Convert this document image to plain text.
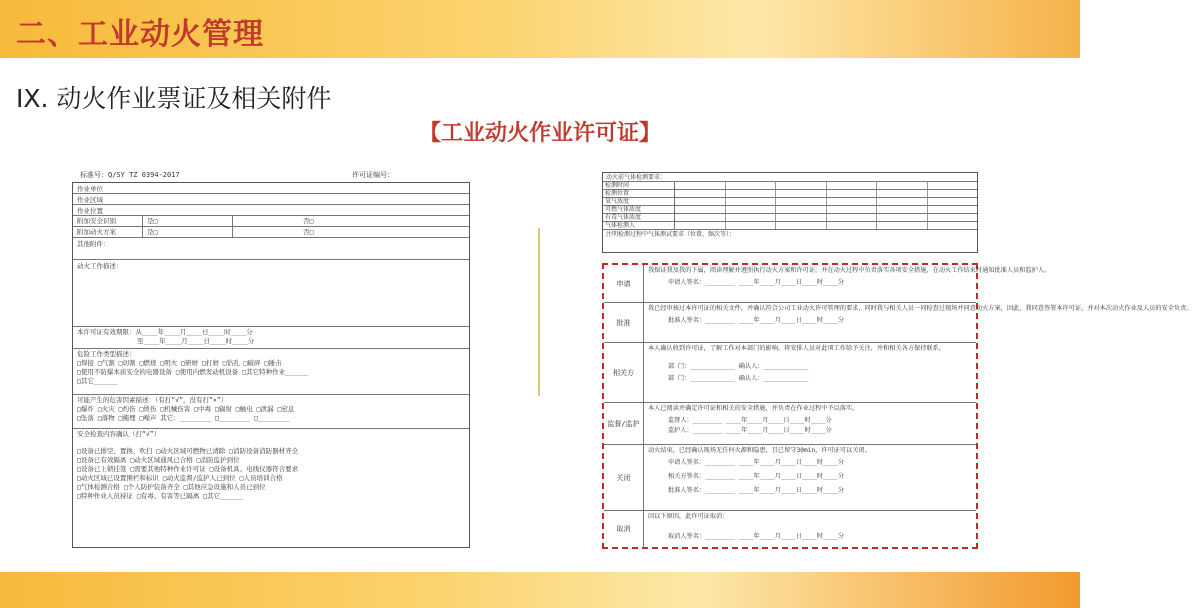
二、工业动火管理
IX. 动火作业票证及相关附件
【工业动火作业许可证】
标准号：Q/SY TZ 0394-2017	许可证编号：
作业单位
作业区域
作业位置
附加安全识别	是□	否□
附加动火方案	是□	否□
其他附件：
动火工作描述：
本许可证有效期限：从____年____月____日____时____分
至____年____月____日____时____分
危险工作类型描述：
□焊接 □气割 □切割 □燃烧 □明火 □研磨 □打磨 □钻孔 □破碎 □锤击
□使用不防爆本质安全的电器设备 □使用内燃发动机设备 □其它特种作业______
□其它______
可能产生的危害因素描述：（有打“√”，没有打“×”）
□爆炸 □火灾 □灼伤 □烫伤 □机械伤害 □中毒 □辐射 □触电 □泄漏 □窒息
□坠落 □落物 □掩埋 □噪声 其它：________ □________ □________
安全检查内容确认（打“√”）
□设备已排空、置换、吹扫 □动火区域可燃物已清除 □消防设备消防器材齐全
□设备已有效隔离 □动火区域通风已合格 □消防监护到位
□设备已上锁挂签 □需要其他特种作业许可证 □设备机具、电线仪器符合要求
□动火区域已设置围栏和标识 □动火监督/监护人已到位 □人员培训合格
□气体检测合格 □个人防护装备齐全 □其他应急设施和人员已到位
□特种作业人员持证 □有毒、有害等已隔离 □其它______
动火前气体检测要求：
检测时间
检测位置
氧气浓度
可燃气体浓度
有毒气体浓度
气体检测人
注明检测过程中气体测试要求（位置、频次等）：
申请
我保证我及我的下属，阅读理解并遵照执行动火方案和许可证，并在动火过程中负责落实各项安全措施，在动火工作结束时通知批准人员和监护人。
申请人签名：________ ____年____月____日____时____分
批准
我已经审核过本许可证的相关文件，并确认符合公司工业动火许可管理的要求，同时我与相关人员一同检查过现场并同意动火方案，因此，我同意签署本许可证，并对本次动火作业及人员的安全负责。
批准人签名：________ ____年____月____日____时____分
相关方
本人确认收到许可证，了解工作对本部门的影响，将安排人员对此项工作给予关注，并和相关各方保持联系。
部 门：____________ 确认人：____________
部 门：____________ 确认人：____________
监督/监护
本人已阅读并确定许可证和相关的安全措施，并负责在作业过程中予以落实。
监督人：________ ____年____月____日____时____分
监护人：________ ____年____月____日____时____分
关闭
动火结束，已经确认现场无任何火源和隐患，且已留守30min，许可证可以关闭。
申请人签名：________ ____年____月____日____时____分
相关方签名：________ ____年____月____日____时____分
批准人签名：________ ____年____月____日____时____分
取消
因以下原因，此许可证取消：
取消人签名：________ ____年____月____日____时____分
